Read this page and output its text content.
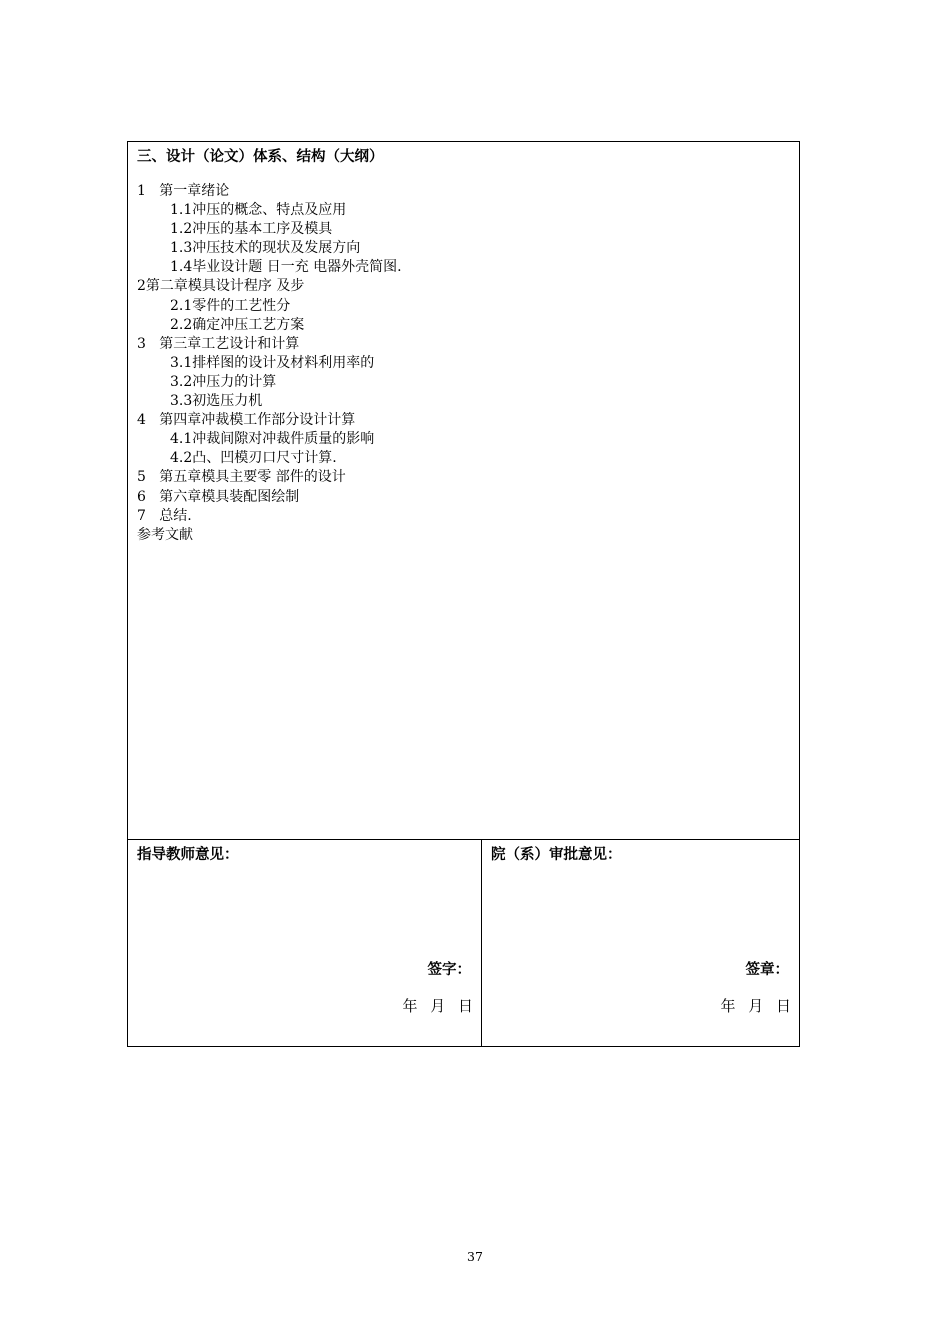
三、设计（论文）体系、结构（大纲）
1   第一章绪论
1.1冲压的概念、特点及应用
1.2冲压的基本工序及模具
1.3冲压技术的现状及发展方向
1.4毕业设计题 日一充 电器外壳简图.
2第二章模具设计程序 及步
2.1零件的工艺性分
2.2确定冲压工艺方案
3   第三章工艺设计和计算
3.1排样图的设计及材料利用率的
3.2冲压力的计算
3.3初选压力机
4   第四章冲裁模工作部分设计计算
4.1冲裁间隙对冲裁件质量的影响
4.2凸、凹模刃口尺寸计算.
5   第五章模具主要零 部件的设计
6   第六章模具装配图绘制
7   总结.
参考文献
指导教师意见：
签字：
年 月 日
院（系）审批意见：
签章：
年 月 日
37
